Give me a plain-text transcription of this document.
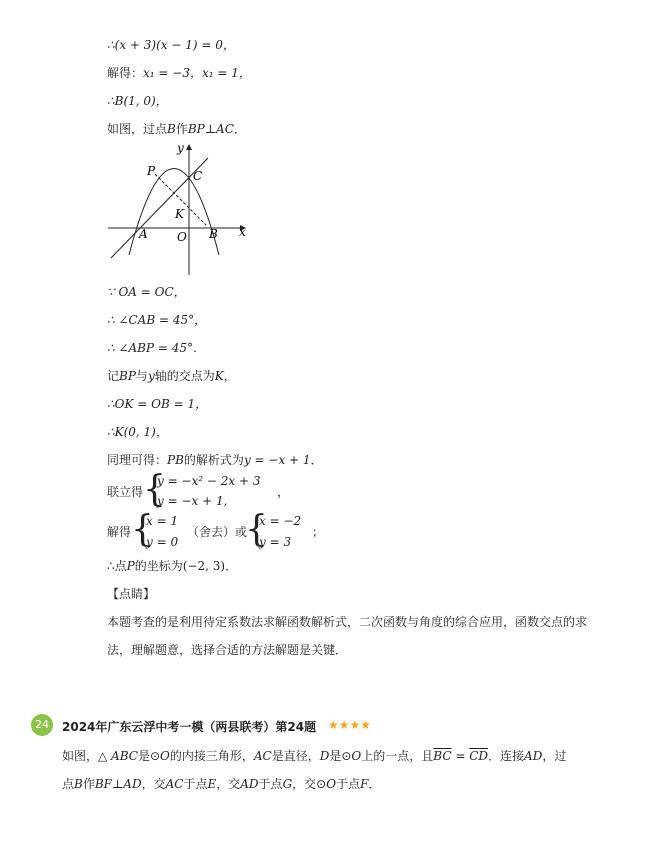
∴(x + 3)(x − 1) = 0，
解得：x₁ = −3，x₁ = 1，
∴B(1, 0)，
如图，过点B作BP⊥AC．
y
x
P	C
K
A O B
∵ OA = OC，
∴ ∠CAB = 45°，
∴ ∠ABP = 45°．
记BP与y轴的交点为K，
∴OK = OB = 1，
∴K(0, 1)，
同理可得：PB的解析式为y = −x + 1．
联立得 {
y = −x² − 2x + 3
y = −x + 1,
，
解得 {
x = 1
y = 0
（舍去）或
{
x = −2
y = 3
；
∴点P的坐标为(−2, 3)．
【点睛】
本题考查的是利用待定系数法求解函数解析式，二次函数与角度的综合应用，函数交点的求法，理解题意，选择合适的方法解题是关键．
24	2024年广东云浮中考一模（两县联考）第24题 ★★★★
如图，△ ABC是⊙O的内接三角形，AC是直径，D是⊙O上的一点，且$\overline{BC} = \overline{CD}$．连接AD，过
点B作BF⊥AD，交AC于点E，交AD于点G，交⊙O于点F．
